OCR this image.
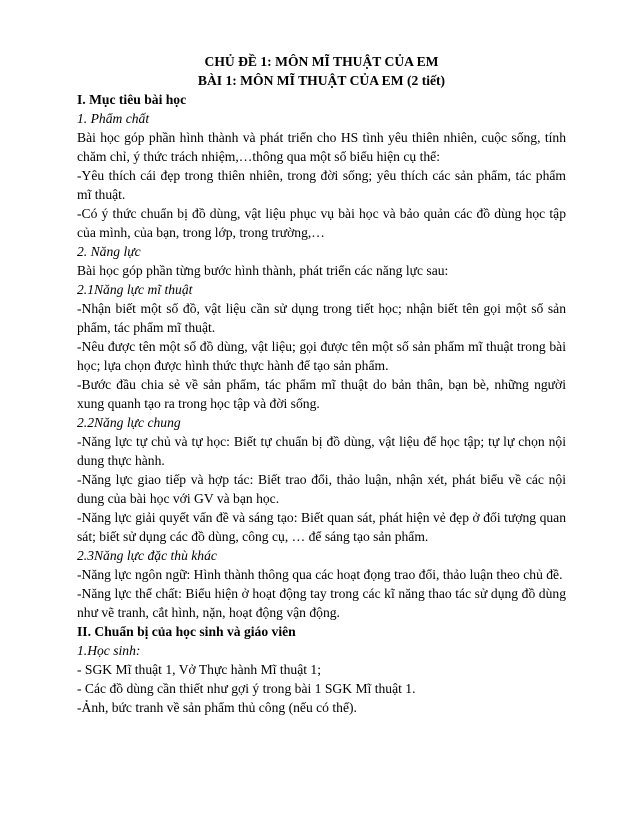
CHỦ ĐỀ 1: MÔN MĨ THUẬT CỦA EM

BÀI 1: MÔN MĨ THUẬT CỦA EM (2 tiết)

I. Mục tiêu bài học

1. Phẩm chất

Bài học góp phần hình thành và phát triển cho HS tình yêu thiên nhiên, cuộc sống, tính chăm chỉ, ý thức trách nhiệm,…thông qua một số biểu hiện cụ thể:

-Yêu thích cái đẹp trong thiên nhiên, trong đời sống; yêu thích các sản phẩm, tác phẩm mĩ thuật.

-Có ý thức chuẩn bị đồ dùng, vật liệu phục vụ bài học và bảo quản các đồ dùng học tập của mình, của bạn, trong lớp, trong trường,…

2. Năng lực

Bài học góp phần từng bước hình thành, phát triển các năng lực sau:

2.1Năng lực mĩ thuật

-Nhận biết một số đồ, vật liệu cần sử dụng trong tiết học; nhận biết tên gọi một số sản phẩm, tác phẩm mĩ thuật.

-Nêu được tên một số đồ dùng, vật liệu; gọi được tên một số sản phẩm mĩ thuật trong bài học; lựa chọn được hình thức thực hành để tạo sản phẩm.

-Bước đầu chia sẻ về sản phẩm, tác phẩm mĩ thuật do bản thân, bạn bè, những người xung quanh tạo ra trong học tập và đời sống.

2.2Năng lực chung

-Năng lực tự chủ và tự học: Biết tự chuẩn bị đồ dùng, vật liệu để học tập; tự lự chọn nội dung thực hành.

-Năng lực giao tiếp và hợp tác: Biết trao đổi, thảo luận, nhận xét, phát biểu về các nội dung của bài học với GV và bạn học.

-Năng lực giải quyết vấn đề và sáng tạo: Biết quan sát, phát hiện vẻ đẹp ở đối tượng quan sát; biết sử dụng các đồ dùng, công cụ, … để sáng tạo sản phẩm.

2.3Năng lực đặc thù khác

-Năng lực ngôn ngữ: Hình thành thông qua các hoạt đọng trao đổi, thảo luận theo chủ đề.

-Năng lực thể chất: Biểu hiện ở hoạt động tay trong các kĩ năng thao tác sử dụng đồ dùng như vẽ tranh, cắt hình, nặn, hoạt động vận động.

II. Chuẩn bị của học sinh và giáo viên

1.Học sinh:

- SGK Mĩ thuật 1, Vở Thực hành Mĩ thuật 1;

- Các đồ dùng cần thiết như gợi ý trong bài 1 SGK Mĩ thuật 1.

-Ảnh, bức tranh về sản phẩm thủ công (nếu có thể).
